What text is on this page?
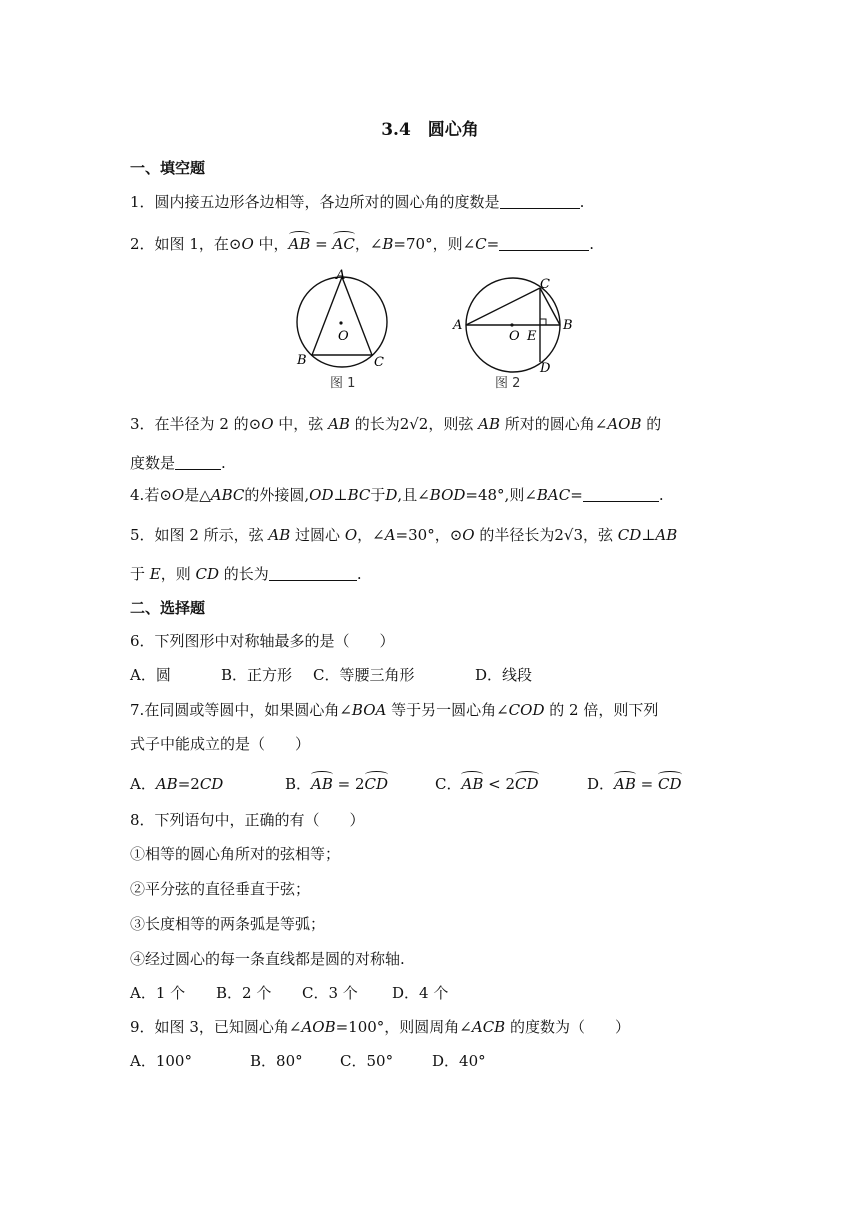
3.4　圆心角
一、填空题
1．圆内接五边形各边相等，各边所对的圆心角的度数是	.
2．如图 1，在⊙O 中，AB = AC，∠B=70°，则∠C=	.
A
B	C
O
图 1
A	B
C
D
E
O
图 2
3．在半径为 2 的⊙O 中，弦 AB 的长为2√2，则弦 AB 所对的圆心角∠AOB 的
度数是	.
4.若⊙O是△ABC的外接圆,OD⊥BC于D,且∠BOD=48°,则∠BAC=	.
5．如图 2 所示，弦 AB 过圆心 O，∠A=30°，⊙O 的半径长为2√3，弦 CD⊥AB
于 E，则 CD 的长为	.
二、选择题
6．下列图形中对称轴最多的是（　　）
A．圆	B．正方形 C．等腰三角形	D．线段
7.在同圆或等圆中，如果圆心角∠BOA 等于另一圆心角∠COD 的 2 倍，则下列
式子中能成立的是（　　）
A．AB=2CD	B．AB = 2CD	C．AB < 2CD	D．AB = CD
8．下列语句中，正确的有（　　）
①相等的圆心角所对的弦相等；
②平分弦的直径垂直于弦；
③长度相等的两条弧是等弧；
④经过圆心的每一条直线都是圆的对称轴.
A．1 个 B．2 个 C．3 个 D．4 个
9．如图 3，已知圆心角∠AOB=100°，则圆周角∠ACB 的度数为（　　）
A．100°	B．80° C．50°	D．40°
